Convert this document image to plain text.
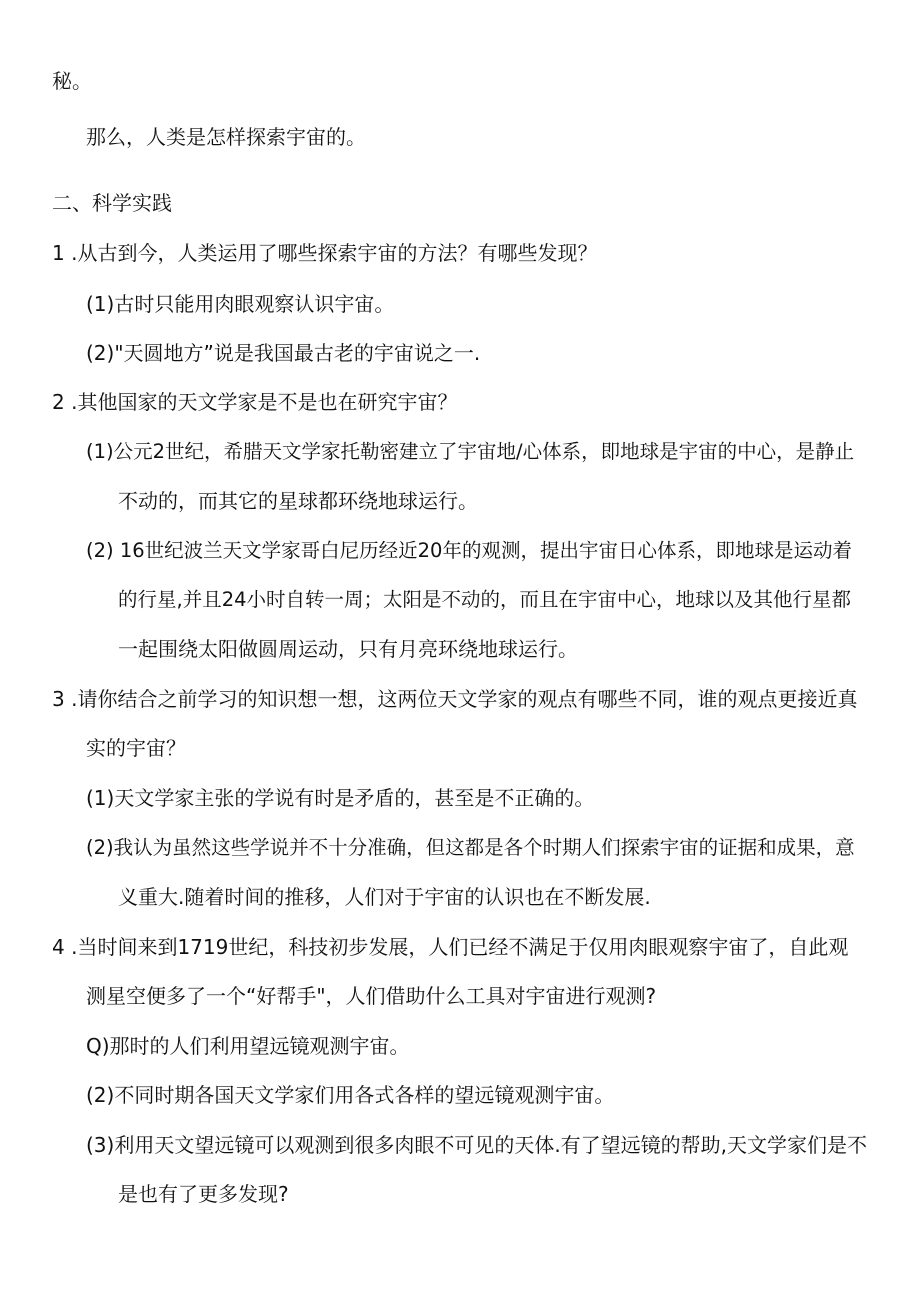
秘。
那么，人类是怎样探索宇宙的。
二、科学实践
1 .从古到今，人类运用了哪些探索宇宙的方法？有哪些发现？
(1)古时只能用肉眼观察认识宇宙。
(2)"天圆地方”说是我国最古老的宇宙说之一.
2 .其他国家的天文学家是不是也在研究宇宙？
(1)公元2世纪，希腊天文学家托勒密建立了宇宙地/心体系，即地球是宇宙的中心，是静止
不动的，而其它的星球都环绕地球运行。
(2) 16世纪波兰天文学家哥白尼历经近20年的观测，提出宇宙日心体系，即地球是运动着
的行星,并且24小时自转一周；太阳是不动的，而且在宇宙中心，地球以及其他行星都
一起围绕太阳做圆周运动，只有月亮环绕地球运行。
3 .请你结合之前学习的知识想一想，这两位天文学家的观点有哪些不同，谁的观点更接近真
实的宇宙？
(1)天文学家主张的学说有时是矛盾的，甚至是不正确的。
(2)我认为虽然这些学说并不十分准确，但这都是各个时期人们探索宇宙的证据和成果，意
义重大.随着时间的推移，人们对于宇宙的认识也在不断发展.
4 .当时间来到1719世纪，科技初步发展，人们已经不满足于仅用肉眼观察宇宙了，自此观
测星空便多了一个“好帮手"，人们借助什么工具对宇宙进行观测?
Q)那时的人们利用望远镜观测宇宙。
(2)不同时期各国天文学家们用各式各样的望远镜观测宇宙。
(3)利用天文望远镜可以观测到很多肉眼不可见的天体.有了望远镜的帮助,天文学家们是不
是也有了更多发现?
